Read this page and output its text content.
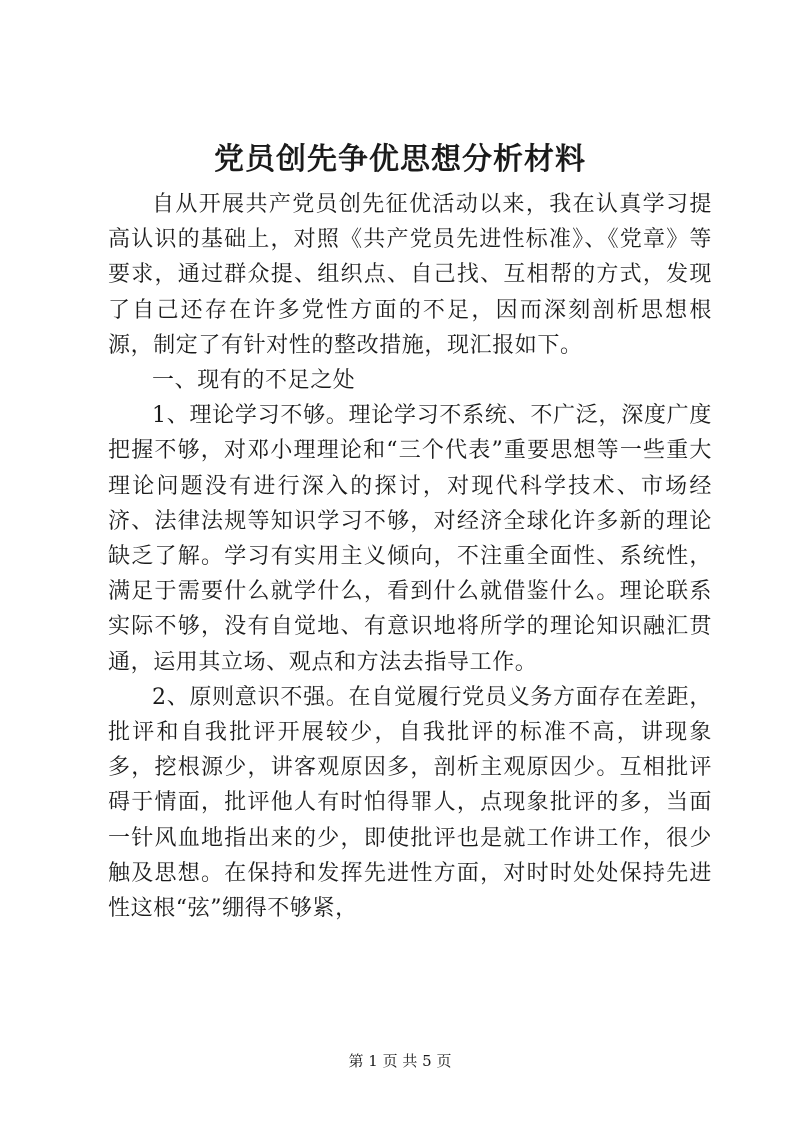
党员创先争优思想分析材料

自从开展共产党员创先征优活动以来，我在认真学习提高认识的基础上，对照《共产党员先进性标准》、《党章》等要求，通过群众提、组织点、自己找、互相帮的方式，发现了自己还存在许多党性方面的不足，因而深刻剖析思想根源，制定了有针对性的整改措施，现汇报如下。

一、现有的不足之处

1、理论学习不够。理论学习不系统、不广泛，深度广度把握不够，对邓小理理论和“三个代表”重要思想等一些重大理论问题没有进行深入的探讨，对现代科学技术、市场经济、法律法规等知识学习不够，对经济全球化许多新的理论缺乏了解。学习有实用主义倾向，不注重全面性、系统性，满足于需要什么就学什么，看到什么就借鉴什么。理论联系实际不够，没有自觉地、有意识地将所学的理论知识融汇贯通，运用其立场、观点和方法去指导工作。

2、原则意识不强。在自觉履行党员义务方面存在差距，批评和自我批评开展较少，自我批评的标准不高，讲现象多，挖根源少，讲客观原因多，剖析主观原因少。互相批评碍于情面，批评他人有时怕得罪人，点现象批评的多，当面一针风血地指出来的少，即使批评也是就工作讲工作，很少触及思想。在保持和发挥先进性方面，对时时处处保持先进性这根“弦”绷得不够紧，

第 1 页 共 5 页
